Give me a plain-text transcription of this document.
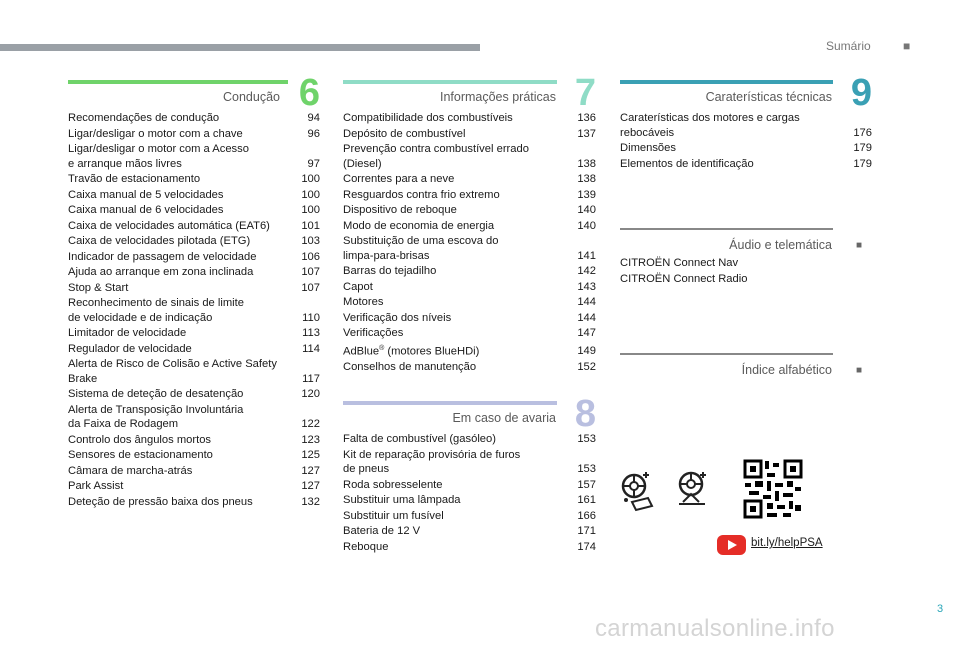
Sumário	■
Condução 6
Recomendações de condução	94
Ligar/desligar o motor com a chave	96
Ligar/desligar o motor com a Acesso
e arranque mãos livres	97
Travão de estacionamento	100
Caixa manual de 5 velocidades	100
Caixa manual de 6 velocidades	100
Caixa de velocidades automática (EAT6)	101
Caixa de velocidades pilotada (ETG)	103
Indicador de passagem de velocidade	106
Ajuda ao arranque em zona inclinada	107
Stop & Start	107
Reconhecimento de sinais de limite
de velocidade e de indicação	110
Limitador de velocidade	113
Regulador de velocidade	114
Alerta de Risco de Colisão e Active Safety
Brake	117
Sistema de deteção de desatenção	120
Alerta de Transposição Involuntária
da Faixa de Rodagem	122
Controlo dos ângulos mortos	123
Sensores de estacionamento	125
Câmara de marcha-atrás	127
Park Assist	127
Deteção de pressão baixa dos pneus	132
Informações práticas 7
Compatibilidade dos combustíveis	136
Depósito de combustível	137
Prevenção contra combustível errado
(Diesel)	138
Correntes para a neve	138
Resguardos contra frio extremo	139
Dispositivo de reboque	140
Modo de economia de energia	140
Substituição de uma escova do
limpa-para-brisas	141
Barras do tejadilho	142
Capot	143
Motores	144
Verificação dos níveis	144
Verificações	147
AdBlue® (motores BlueHDi)	149
Conselhos de manutenção	152
Em caso de avaria 8
Falta de combustível (gasóleo)	153
Kit de reparação provisória de furos
de pneus	153
Roda sobresselente	157
Substituir uma lâmpada	161
Substituir um fusível	166
Bateria de 12 V	171
Reboque	174
Caraterísticas técnicas 9
Caraterísticas dos motores e cargas
rebocáveis	176
Dimensões	179
Elementos de identificação	179
Áudio e telemática ■
CITROËN Connect Nav
CITROËN Connect Radio
Índice alfabético ■
bit.ly/helpPSA
3
carmanualsonline.info
